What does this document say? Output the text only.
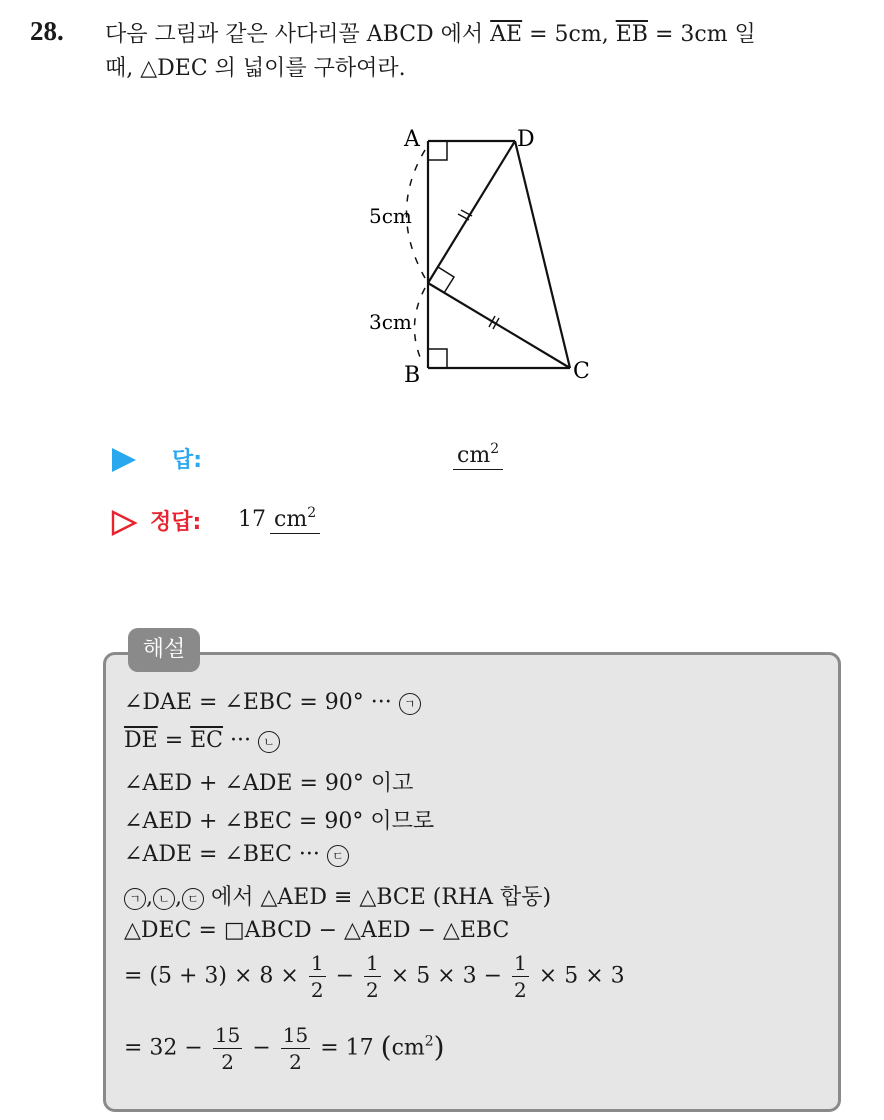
28. 다음 그림과 같은 사다리꼴 ABCD 에서 $\overline{AE} = 5cm$, $\overline{EB} = 3cm$ 일
때, △DEC 의 넓이를 구하여라.
A	D
B	C
5cm
3cm
답:	$cm^2$
정답: 17 $cm^2$
해설
∠DAE = ∠EBC = 90° ··· ㄱ
$\overline{DE} = \overline{EC}$ ··· ㄴ
∠AED + ∠ADE = 90° 이고
∠AED + ∠BEC = 90° 이므로
∠ADE = ∠BEC ··· ㄷ
ㄱ , ㄴ , ㄷ 에서 △AED ≡ △BCE (RHA 합동)
△DEC = □ABCD − △AED − △EBC
= $(5 + 3) \times 8 \times \frac{1}{2} - \frac{1}{2} \times 5 \times 3 - \frac{1}{2} \times 5 \times 3$
= $32 - \frac{15}{2} - \frac{15}{2} = 17$ $(cm^2)$
